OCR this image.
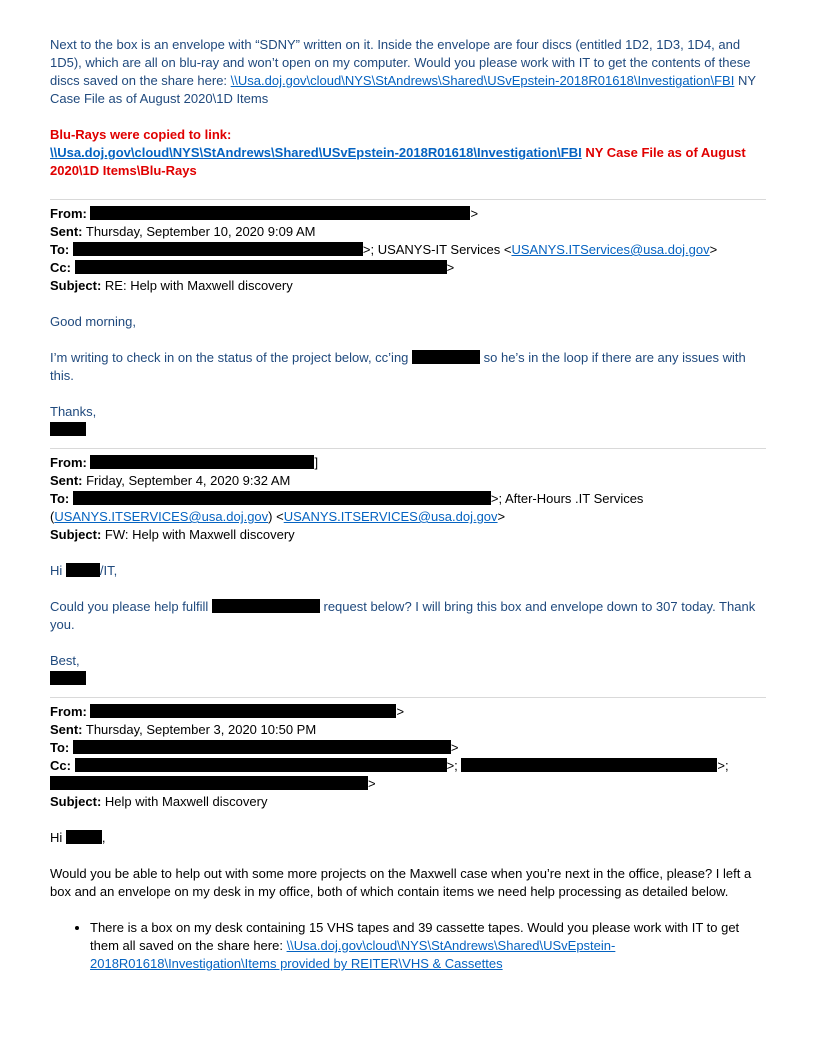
Next to the box is an envelope with “SDNY” written on it. Inside the envelope are four discs (entitled 1D2, 1D3, 1D4, and 1D5), which are all on blu-ray and won’t open on my computer. Would you please work with IT to get the contents of these discs saved on the share here: \\Usa.doj.gov\cloud\NYS\StAndrews\Shared\USvEpstein-2018R01618\Investigation\FBI NY Case File as of August 2020\1D Items

Blu-Rays were copied to link:

\\Usa.doj.gov\cloud\NYS\StAndrews\Shared\USvEpstein-2018R01618\Investigation\FBI NY Case File as of August 2020\1D Items\Blu-Rays

From:	>

Sent: Thursday, September 10, 2020 9:09 AM

To:	>; USANYS-IT Services <USANYS.ITServices@usa.doj.gov>

Cc:	>

Subject: RE: Help with Maxwell discovery

Good morning,

I’m writing to check in on the status of the project below, cc’ing	so he’s in the loop if there are any issues with this.

Thanks,

From:	]

Sent: Friday, September 4, 2020 9:32 AM

To:	>; After-Hours .IT Services

(USANYS.ITSERVICES@usa.doj.gov) <USANYS.ITSERVICES@usa.doj.gov>

Subject: FW: Help with Maxwell discovery

Hi	/IT,

Could you please help fulfill	request below? I will bring this box and envelope down to 307 today. Thank you.

Best,

From:	>

Sent: Thursday, September 3, 2020 10:50 PM

To:	>

Cc:	>;	>;

>

Subject: Help with Maxwell discovery

Hi	,

Would you be able to help out with some more projects on the Maxwell case when you’re next in the office, please? I left a box and an envelope on my desk in my office, both of which contain items we need help processing as detailed below.

• There is a box on my desk containing 15 VHS tapes and 39 cassette tapes. Would you please work with IT to get them all saved on the share here: \\Usa.doj.gov\cloud\NYS\StAndrews\Shared\USvEpstein-2018R01618\Investigation\Items provided by REITER\VHS & Cassettes
